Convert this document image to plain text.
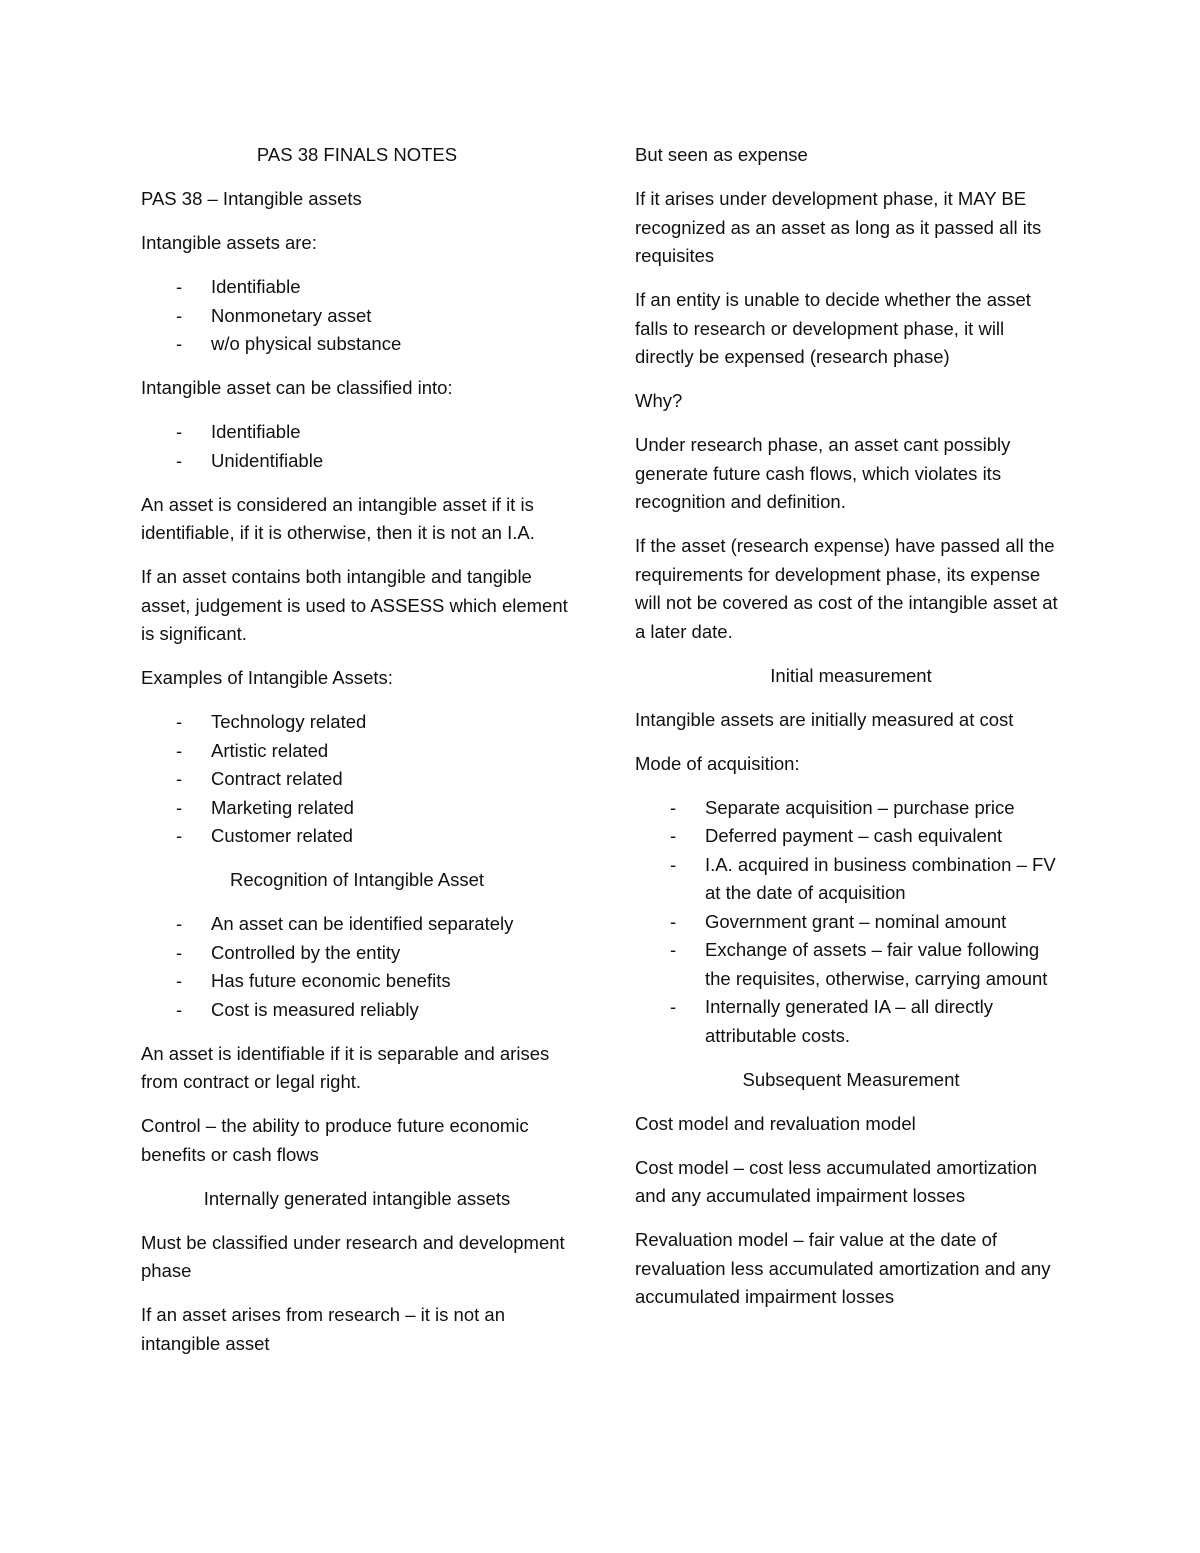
PAS 38 FINALS NOTES

PAS 38 – Intangible assets

Intangible assets are:

- Identifiable
- Nonmonetary asset
- w/o physical substance

Intangible asset can be classified into:

- Identifiable
- Unidentifiable

An asset is considered an intangible asset if it is identifiable, if it is otherwise, then it is not an I.A.

If an asset contains both intangible and tangible asset, judgement is used to ASSESS which element is significant.

Examples of Intangible Assets:

- Technology related
- Artistic related
- Contract related
- Marketing related
- Customer related

Recognition of Intangible Asset

- An asset can be identified separately
- Controlled by the entity
- Has future economic benefits
- Cost is measured reliably

An asset is identifiable if it is separable and arises from contract or legal right.

Control – the ability to produce future economic benefits or cash flows

Internally generated intangible assets

Must be classified under research and development phase

If an asset arises from research – it is not an intangible asset

But seen as expense

If it arises under development phase, it MAY BE recognized as an asset as long as it passed all its requisites

If an entity is unable to decide whether the asset falls to research or development phase, it will directly be expensed (research phase)

Why?

Under research phase, an asset cant possibly generate future cash flows, which violates its recognition and definition.

If the asset (research expense) have passed all the requirements for development phase, its expense will not be covered as cost of the intangible asset at a later date.

Initial measurement

Intangible assets are initially measured at cost

Mode of acquisition:

- Separate acquisition – purchase price
- Deferred payment – cash equivalent
- I.A. acquired in business combination – FV at the date of acquisition
- Government grant – nominal amount
- Exchange of assets – fair value following the requisites, otherwise, carrying amount
- Internally generated IA – all directly attributable costs.

Subsequent Measurement

Cost model and revaluation model

Cost model – cost less accumulated amortization and any accumulated impairment losses

Revaluation model – fair value at the date of revaluation less accumulated amortization and any accumulated impairment losses
